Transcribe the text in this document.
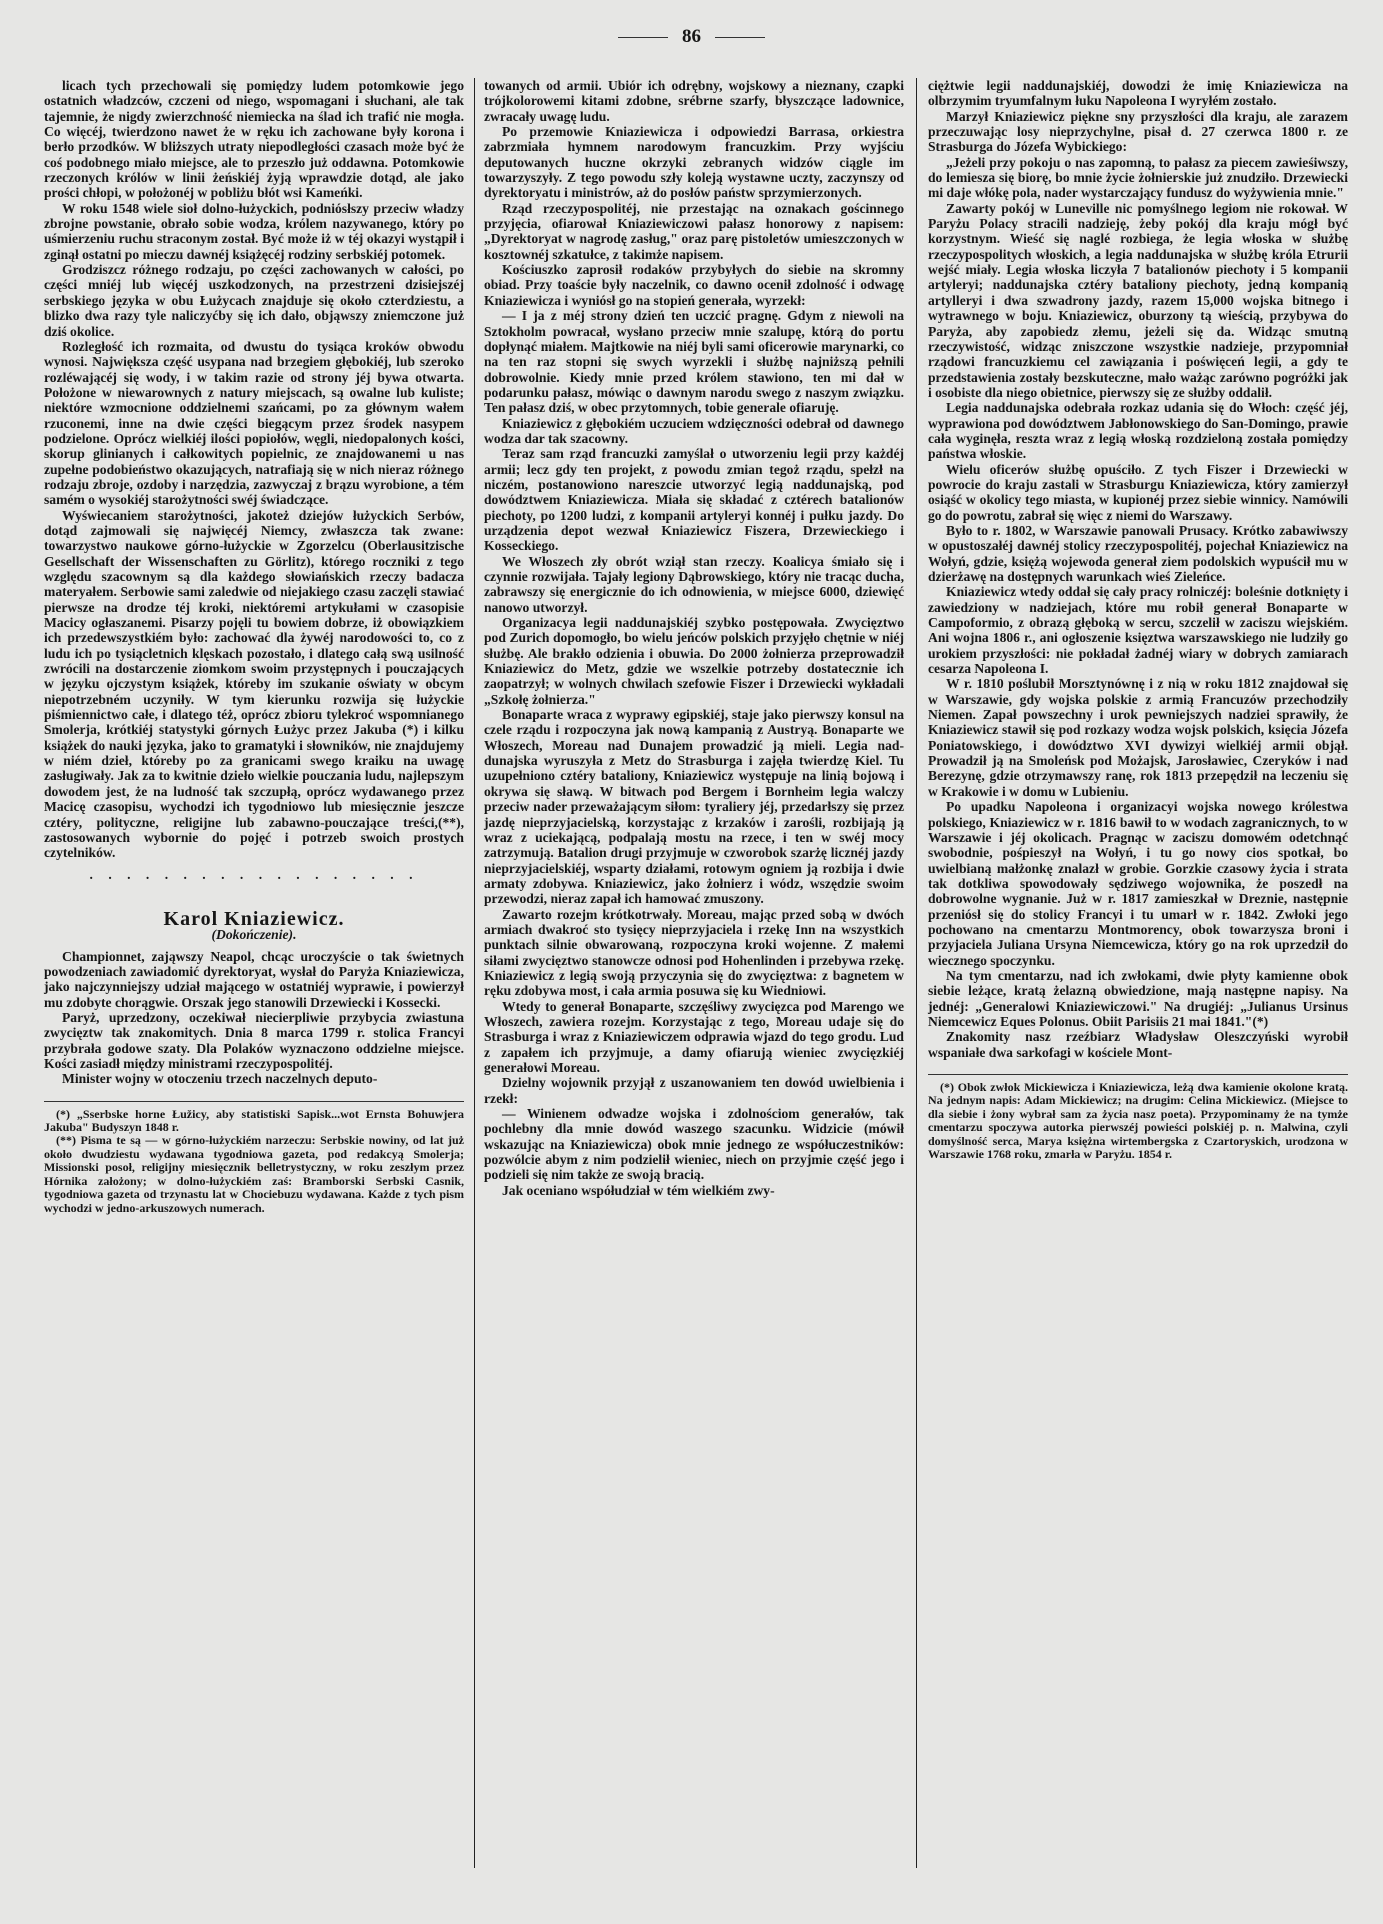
86

licach tych przechowali się pomiędzy ludem potomkowie jego ostatnich władzców, czczeni od niego, wspomagani i słuchani, ale tak tajemnie, że nigdy zwierzchność niemiecka na ślad ich trafić nie mogła. Co więcéj, twierdzono nawet że w ręku ich zachowane były korona i berło przodków. W bliższych utraty niepodległości czasach może być że coś podobnego miało miejsce, ale to przeszło już oddawna. Potomkowie rzeczonych królów w linii żeńskiéj żyją wprawdzie dotąd, ale jako prości chłopi, w położonéj w pobliżu błót wsi Kameńki.

W roku 1548 wiele sioł dolno-łużyckich, podniósłszy przeciw władzy zbrojne powstanie, obrało sobie wodza, królem nazywanego, który po uśmierzeniu ruchu straconym został. Być może iż w téj okazyi wystąpił i zginął ostatni po mieczu dawnéj książęcéj rodziny serbskiéj potomek.

Grodziszcz różnego rodzaju, po części zachowanych w całości, po części mniéj lub więcéj uszkodzonych, na przestrzeni dzisiejszéj serbskiego języka w obu Łużycach znajduje się około czterdziestu, a blizko dwa razy tyle naliczyćby się ich dało, objąwszy zniemczone już dziś okolice.

Rozległość ich rozmaita, od dwustu do tysiąca kroków obwodu wynosi. Największa część usypana nad brzegiem głębokiéj, lub szeroko rozléwającéj się wody, i w takim razie od strony jéj bywa otwarta. Położone w niewarownych z natury miejscach, są owalne lub kuliste; niektóre wzmocnione oddzielnemi szańcami, po za głównym wałem rzuconemi, inne na dwie części biegącym przez środek nasypem podzielone. Oprócz wielkiéj ilości popiołów, węgli, niedopalonych kości, skorup glinianych i całkowitych popielnic, ze znajdowanemi u nas zupełne podobieństwo okazujących, natrafiają się w nich nieraz różnego rodzaju zbroje, ozdoby i narzędzia, zazwyczaj z brązu wyrobione, a tém samém o wysokiéj starożytności swéj świadczące.

Wyświecaniem starożytności, jakoteż dziejów łużyckich Serbów, dotąd zajmowali się najwięcéj Niemcy, zwłaszcza tak zwane: towarzystwo naukowe górno-łużyckie w Zgorzelcu (Oberlausitzische Gesellschaft der Wissenschaften zu Görlitz), którego roczniki z tego względu szacownym są dla każdego słowiańskich rzeczy badacza materyałem. Serbowie sami zaledwie od niejakiego czasu zaczęli stawiać pierwsze na drodze téj kroki, niektóremi artykułami w czasopisie Macicy ogłaszanemi. Pisarzy pojęli tu bowiem dobrze, iż obowiązkiem ich przedewszystkiém było: zachować dla żywéj narodowości to, co z ludu ich po tysiącletnich klęskach pozostało, i dlatego całą swą usilność zwrócili na dostarczenie ziomkom swoim przystępnych i pouczających w języku ojczystym książek, któreby im szukanie oświaty w obcym niepotrzebném uczyniły. W tym kierunku rozwija się łużyckie piśmiennictwo całe, i dlatego téż, oprócz zbioru tylekroć wspomnianego Smolerja, krótkiéj statystyki górnych Łużyc przez Jakuba (*) i kilku książek do nauki języka, jako to gramatyki i słowników, nie znajdujemy w niém dzieł, któreby po za granicami swego kraiku na uwagę zasługiwały. Jak za to kwitnie dzieło wielkie pouczania ludu, najlepszym dowodem jest, że na ludność tak szczupłą, oprócz wydawanego przez Macicę czasopisu, wychodzi ich tygodniowo lub miesięcznie jeszcze cztéry, polityczne, religijne lub zabawno-pouczające treści,(**), zastosowanych wybornie do pojęć i potrzeb swoich prostych czytelników.

. . . . . . . . . . . . . . . . . .
Karol Kniaziewicz.
(Dokończenie).

Championnet, zająwszy Neapol, chcąc uroczyście o tak świetnych powodzeniach zawiadomić dyrektoryat, wysłał do Paryża Kniaziewicza, jako najczynniejszy udział mającego w ostatniéj wyprawie, i powierzył mu zdobyte chorągwie. Orszak jego stanowili Drzewiecki i Kossecki.

Paryż, uprzedzony, oczekiwał niecierpliwie przybycia zwiastuna zwycięztw tak znakomitych. Dnia 8 marca 1799 r. stolica Francyi przybrała godowe szaty. Dla Polaków wyznaczono oddzielne miejsce. Kości zasiadł między ministrami rzeczypospolitéj.

Minister wojny w otoczeniu trzech naczelnych deputo-

(*) „Sserbske horne Łužicy, aby statistiski Sapisk...wot Ernsta Bohuwjera Jakuba" Budyszyn 1848 r.

(**) Pisma te są — w górno-łużyckiém narzeczu: Serbskie nowiny, od lat już około dwudziestu wydawana tygodniowa gazeta, pod redakcyą Smolerja; Missionski posoł, religijny miesięcznik belletrystyczny, w roku zeszłym przez Hórnika założony; w dolno-łużyckiém zaś: Bramborski Serbski Casnik, tygodniowa gazeta od trzynastu lat w Chociebuzu wydawana. Każde z tych pism wychodzi w jedno-arkuszowych numerach.

towanych od armii. Ubiór ich odrębny, wojskowy a nieznany, czapki trójkolorowemi kitami zdobne, srébrne szarfy, błyszczące ladownice, zwracały uwagę ludu.

Po przemowie Kniaziewicza i odpowiedzi Barrasa, orkiestra zabrzmiała hymnem narodowym francuzkim. Przy wyjściu deputowanych huczne okrzyki zebranych widzów ciągle im towarzyszyły. Z tego powodu szły koleją wystawne uczty, zaczynszy od dyrektoryatu i ministrów, aż do posłów państw sprzymierzonych.

Rząd rzeczypospolitéj, nie przestając na oznakach gościnnego przyjęcia, ofiarował Kniaziewiczowi pałasz honorowy z napisem: „Dyrektoryat w nagrodę zasług," oraz parę pistoletów umieszczonych w kosztownéj szkatułce, z takimże napisem.

Kościuszko zaprosił rodaków przybyłych do siebie na skromny obiad. Przy toaście były naczelnik, co dawno ocenił zdolność i odwagę Kniaziewicza i wyniósł go na stopień generała, wyrzekł:

— I ja z méj strony dzień ten uczcić pragnę. Gdym z niewoli na Sztokholm powracał, wysłano przeciw mnie szalupę, którą do portu dopłynąć miałem. Majtkowie na niéj byli sami oficerowie marynarki, co na ten raz stopni się swych wyrzekli i służbę najniższą pełnili dobrowolnie. Kiedy mnie przed królem stawiono, ten mi dał w podarunku pałasz, mówiąc o dawnym narodu swego z naszym związku. Ten pałasz dziś, w obec przytomnych, tobie generale ofiaruję.

Kniaziewicz z głębokiém uczuciem wdzięczności odebrał od dawnego wodza dar tak szacowny.

Teraz sam rząd francuzki zamyślał o utworzeniu legii przy każdéj armii; lecz gdy ten projekt, z powodu zmian tegoż rządu, spełzł na niczém, postanowiono nareszcie utworzyć legią naddunajską, pod dowództwem Kniaziewicza. Miała się składać z cztérech batalionów piechoty, po 1200 ludzi, z kompanii artyleryi konnéj i pułku jazdy. Do urządzenia depot wezwał Kniaziewicz Fiszera, Drzewieckiego i Kosseckiego.

We Włoszech zły obrót wziął stan rzeczy. Koalicya śmiało się i czynnie rozwijała. Tajały legiony Dąbrowskiego, który nie tracąc ducha, zabrawszy się energicznie do ich odnowienia, w miejsce 6000, dziewięć nanowo utworzył.

Organizacya legii naddunajskiéj szybko postępowała. Zwycięztwo pod Zurich dopomogło, bo wielu jeńców polskich przyjęło chętnie w niéj służbę. Ale brakło odzienia i obuwia. Do 2000 żołnierza przeprowadził Kniaziewicz do Metz, gdzie we wszelkie potrzeby dostatecznie ich zaopatrzył; w wolnych chwilach szefowie Fiszer i Drzewiecki wykładali „Szkołę żołnierza."

Bonaparte wraca z wyprawy egipskiéj, staje jako pierwszy konsul na czele rządu i rozpoczyna jak nową kampanią z Austryą. Bonaparte we Włoszech, Moreau nad Dunajem prowadzić ją mieli. Legia nad-dunajska wyruszyła z Metz do Strasburga i zajęła twierdzę Kiel. Tu uzupełniono cztéry bataliony, Kniaziewicz występuje na linią bojową i okrywa się sławą. W bitwach pod Bergem i Bornheim legia walczy przeciw nader przeważającym siłom: tyraliery jéj, przedarłszy się przez jazdę nieprzyjacielską, korzystając z krzaków i zarośli, rozbijają ją wraz z uciekającą, podpalają mostu na rzece, i ten w swéj mocy zatrzymują. Batalion drugi przyjmuje w czworobok szarżę licznéj jazdy nieprzyjacielskiéj, wsparty działami, rotowym ogniem ją rozbija i dwie armaty zdobywa. Kniaziewicz, jako żołnierz i wódz, wszędzie swoim przewodzi, nieraz zapał ich hamować zmuszony.

Zawarto rozejm krótkotrwały. Moreau, mając przed sobą w dwóch armiach dwakroć sto tysięcy nieprzyjaciela i rzekę Inn na wszystkich punktach silnie obwarowaną, rozpoczyna kroki wojenne. Z małemi siłami zwycięztwo stanowcze odnosi pod Hohenlinden i przebywa rzekę. Kniaziewicz z legią swoją przyczynia się do zwycięztwa: z bagnetem w ręku zdobywa most, i cała armia posuwa się ku Wiedniowi.

Wtedy to generał Bonaparte, szczęśliwy zwycięzca pod Marengo we Włoszech, zawiera rozejm. Korzystając z tego, Moreau udaje się do Strasburga i wraz z Kniaziewiczem odprawia wjazd do tego grodu. Lud z zapałem ich przyjmuje, a damy ofiarują wieniec zwycięzkiéj generałowi Moreau.

Dzielny wojownik przyjął z uszanowaniem ten dowód uwielbienia i rzekł:

— Winienem odwadze wojska i zdolnościom generałów, tak pochlebny dla mnie dowód waszego szacunku. Widzicie (mówił wskazując na Kniaziewicza) obok mnie jednego ze współuczestników: pozwólcie abym z nim podzielił wieniec, niech on przyjmie część jego i podzieli się nim także ze swoją bracią.

Jak oceniano współudział w tém wielkiém zwy-

ciężtwie legii naddunajskiéj, dowodzi że imię Kniaziewicza na olbrzymim tryumfalnym łuku Napoleona I wyryłém zostało.

Marzył Kniaziewicz piękne sny przyszłości dla kraju, ale zarazem przeczuwając losy nieprzychylne, pisał d. 27 czerwca 1800 r. ze Strasburga do Józefa Wybickiego:

„Jeżeli przy pokoju o nas zapomną, to pałasz za piecem zawieśiwszy, do lemiesza się biorę, bo mnie życie żołnierskie już znudziło. Drzewiecki mi daje włókę pola, nader wystarczający fundusz do wyżywienia mnie."

Zawarty pokój w Luneville nic pomyślnego legiom nie rokował. W Paryżu Polacy stracili nadzieję, żeby pokój dla kraju mógł być korzystnym. Wieść się naglé rozbiega, że legia włoska w służbę rzeczypospolitych włoskich, a legia naddunajska w służbę króla Etrurii wejść miały. Legia włoska liczyła 7 batalionów piechoty i 5 kompanii artyleryi; naddunajska cztéry bataliony piechoty, jedną kompanią artylleryi i dwa szwadrony jazdy, razem 15,000 wojska bitnego i wytrawnego w boju. Kniaziewicz, oburzony tą wieścią, przybywa do Paryża, aby zapobiedz złemu, jeżeli się da. Widząc smutną rzeczywistość, widząc zniszczone wszystkie nadzieje, przypomniał rządowi francuzkiemu cel zawiązania i poświęceń legii, a gdy te przedstawienia zostały bezskuteczne, mało ważąc zarówno pogróżki jak i osobiste dla niego obietnice, pierwszy się ze służby oddalił.

Legia naddunajska odebrała rozkaz udania się do Włoch: część jéj, wyprawiona pod dowództwem Jabłonowskiego do San-Domingo, prawie cała wyginęła, reszta wraz z legią włoską rozdzieloną została pomiędzy państwa włoskie.

Wielu oficerów służbę opuściło. Z tych Fiszer i Drzewiecki w powrocie do kraju zastali w Strasburgu Kniaziewicza, który zamierzył osiąść w okolicy tego miasta, w kupionéj przez siebie winnicy. Namówili go do powrotu, zabrał się więc z niemi do Warszawy.

Było to r. 1802, w Warszawie panowali Prusacy. Krótko zabawiwszy w opustoszałéj dawnéj stolicy rzeczypospolitéj, pojechał Kniaziewicz na Wołyń, gdzie, księżą wojewoda generał ziem podolskich wypuścił mu w dzierżawę na dostępnych warunkach wieś Zieleńce.

Kniaziewicz wtedy oddał się cały pracy rolniczéj: boleśnie dotknięty i zawiedziony w nadziejach, które mu robił generał Bonaparte w Campoformio, z obrazą głęboką w sercu, szczelił w zaciszu wiejskiém. Ani wojna 1806 r., ani ogłoszenie księztwa warszawskiego nie ludziły go urokiem przyszłości: nie pokładał żadnéj wiary w dobrych zamiarach cesarza Napoleona I.

W r. 1810 poślubił Morsztynównę i z nią w roku 1812 znajdował się w Warszawie, gdy wojska polskie z armią Francuzów przechodziły Niemen. Zapał powszechny i urok pewniejszych nadziei sprawiły, że Kniaziewicz stawił się pod rozkazy wodza wojsk polskich, księcia Józefa Poniatowskiego, i dowództwo XVI dywizyi wielkiéj armii objął. Prowadził ją na Smoleńsk pod Możajsk, Jarosławiec, Czeryków i nad Berezynę, gdzie otrzymawszy ranę, rok 1813 przepędził na leczeniu się w Krakowie i w domu w Lubieniu.

Po upadku Napoleona i organizacyi wojska nowego królestwa polskiego, Kniaziewicz w r. 1816 bawił to w wodach zagranicznych, to w Warszawie i jéj okolicach. Pragnąc w zaciszu domowém odetchnąć swobodnie, pośpieszył na Wołyń, i tu go nowy cios spotkał, bo uwielbianą małżonkę znalazł w grobie. Gorzkie czasowy życia i strata tak dotkliwa spowodowały sędziwego wojownika, że poszedł na dobrowolne wygnanie. Już w r. 1817 zamieszkał w Dreznie, następnie przeniósł się do stolicy Francyi i tu umarł w r. 1842. Zwłoki jego pochowano na cmentarzu Montmorency, obok towarzysza broni i przyjaciela Juliana Ursyna Niemcewicza, który go na rok uprzedził do wiecznego spoczynku.

Na tym cmentarzu, nad ich zwłokami, dwie płyty kamienne obok siebie leżące, kratą żelazną obwiedzione, mają następne napisy. Na jednéj: „Generalowi Kniaziewiczowi." Na drugiéj: „Julianus Ursinus Niemcewicz Eques Polonus. Obiit Parisiis 21 mai 1841."(*)

Znakomity nasz rzeźbiarz Władysław Oleszczyński wyrobił wspaniałe dwa sarkofagi w kościele Mont-

(*) Obok zwłok Mickiewicza i Kniaziewicza, leżą dwa kamienie okolone kratą. Na jednym napis: Adam Mickiewicz; na drugim: Celina Mickiewicz. (Miejsce to dla siebie i żony wybrał sam za życia nasz poeta). Przypominamy że na tymże cmentarzu spoczywa autorka pierwszéj powieści polskiéj p. n. Malwina, czyli domyślność serca, Marya księżna wirtembergska z Czartoryskich, urodzona w Warszawie 1768 roku, zmarła w Paryżu. 1854 r.
